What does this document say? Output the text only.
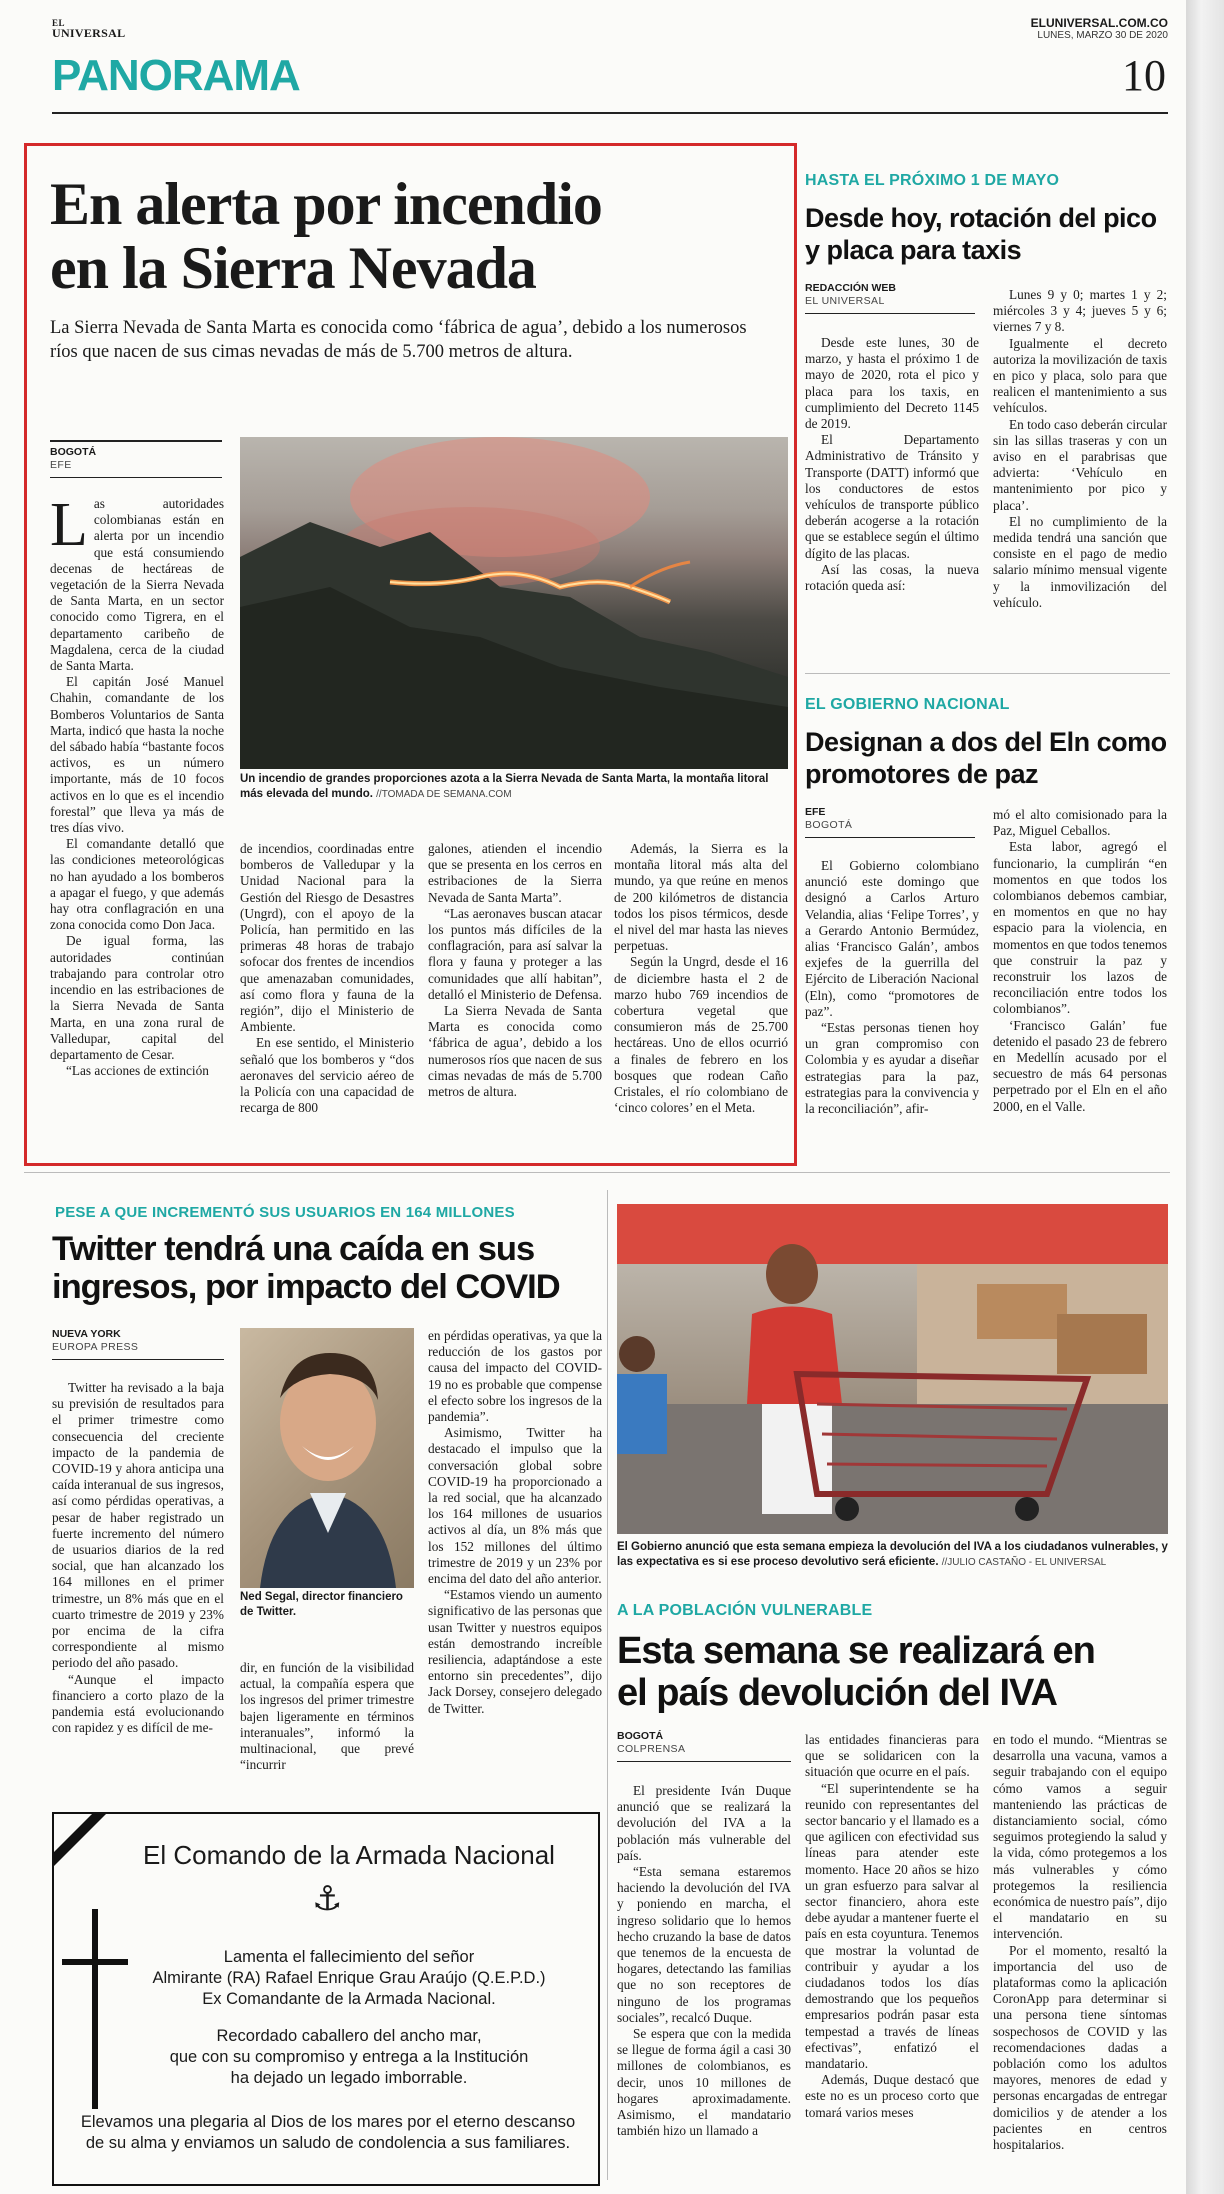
EL
UNIVERSAL
ELUNIVERSAL.COM.CO
LUNES, MARZO 30 DE 2020
PANORAMA	10
En alerta por incendio
en la Sierra Nevada
La Sierra Nevada de Santa Marta es conocida como ‘fábrica de agua’, debido a los numerosos ríos que nacen de sus cimas nevadas de más de 5.700 metros de altura.
BOGOTÁ
EFE
Un incendio de grandes proporciones azota a la Sierra Nevada de Santa Marta, la montaña litoral más elevada del mundo. //TOMADA DE SEMANA.COM

Las autoridades colombianas están en alerta por un incendio que está consumiendo decenas de hectáreas de vegetación de la Sierra Nevada de Santa Marta, en un sector conocido como Tigrera, en el departamento caribeño de Magdalena, cerca de la ciudad de Santa Marta.

El capitán José Manuel Chahin, comandante de los Bomberos Voluntarios de Santa Marta, indicó que hasta la noche del sábado había “bastante focos activos, es un número importante, más de 10 focos activos en lo que es el incendio forestal” que lleva ya más de tres días vivo.

El comandante detalló que las condiciones meteorológicas no han ayudado a los bomberos a apagar el fuego, y que además hay otra conflagración en una zona conocida como Don Jaca.

De igual forma, las autoridades continúan trabajando para controlar otro incendio en las estribaciones de la Sierra Nevada de Santa Marta, en una zona rural de Valledupar, capital del departamento de Cesar.

“Las acciones de extinción

de incendios, coordinadas entre bomberos de Valledupar y la Unidad Nacional para la Gestión del Riesgo de Desastres (Ungrd), con el apoyo de la Policía, han permitido en las primeras 48 horas de trabajo sofocar dos frentes de incendios que amenazaban comunidades, así como flora y fauna de la región”, dijo el Ministerio de Ambiente.

En ese sentido, el Ministerio señaló que los bomberos y “dos aeronaves del servicio aéreo de la Policía con una capacidad de recarga de 800

galones, atienden el incendio que se presenta en los cerros en estribaciones de la Sierra Nevada de Santa Marta”.

“Las aeronaves buscan atacar los puntos más difíciles de la conflagración, para así salvar la flora y fauna y proteger a las comunidades que allí habitan”, detalló el Ministerio de Defensa.

La Sierra Nevada de Santa Marta es conocida como ‘fábrica de agua’, debido a los numerosos ríos que nacen de sus cimas nevadas de más de 5.700 metros de altura.

Además, la Sierra es la montaña litoral más alta del mundo, ya que reúne en menos de 200 kilómetros de distancia todos los pisos térmicos, desde el nivel del mar hasta las nieves perpetuas.

Según la Ungrd, desde el 16 de diciembre hasta el 2 de marzo hubo 769 incendios de cobertura vegetal que consumieron más de 25.700 hectáreas. Uno de ellos ocurrió a finales de febrero en los bosques que rodean Caño Cristales, el río colombiano de ‘cinco colores’ en el Meta.

HASTA EL PRÓXIMO 1 DE MAYO
Desde hoy, rotación del pico y placa para taxis
REDACCIÓN WEB
EL UNIVERSAL

Desde este lunes, 30 de marzo, y hasta el próximo 1 de mayo de 2020, rota el pico y placa para los taxis, en cumplimiento del Decreto 1145 de 2019.

El Departamento Administrativo de Tránsito y Transporte (DATT) informó que los conductores de estos vehículos de transporte público deberán acogerse a la rotación que se establece según el último dígito de las placas.

Así las cosas, la nueva rotación queda así:

Lunes 9 y 0; martes 1 y 2; miércoles 3 y 4; jueves 5 y 6; viernes 7 y 8.

Igualmente el decreto autoriza la movilización de taxis en pico y placa, solo para que realicen el mantenimiento a sus vehículos.

En todo caso deberán circular sin las sillas traseras y con un aviso en el parabrisas que advierta: ‘Vehículo en mantenimiento por pico y placa’.

El no cumplimiento de la medida tendrá una sanción que consiste en el pago de medio salario mínimo mensual vigente y la inmovilización del vehículo.

EL GOBIERNO NACIONAL
Designan a dos del Eln como promotores de paz
EFE
BOGOTÁ

El Gobierno colombiano anunció este domingo que designó a Carlos Arturo Velandia, alias ‘Felipe Torres’, y a Gerardo Antonio Bermúdez, alias ‘Francisco Galán’, ambos exjefes de la guerrilla del Ejército de Liberación Nacional (Eln), como “promotores de paz”.

“Estas personas tienen hoy un gran compromiso con Colombia y es ayudar a diseñar estrategias para la paz, estrategias para la convivencia y la reconciliación”, afir-

mó el alto comisionado para la Paz, Miguel Ceballos.

Esta labor, agregó el funcionario, la cumplirán “en momentos en que todos los colombianos debemos cambiar, en momentos en que no hay espacio para la violencia, en momentos en que todos tenemos que construir la paz y reconstruir los lazos de reconciliación entre todos los colombianos”.

‘Francisco Galán’ fue detenido el pasado 23 de febrero en Medellín acusado por el secuestro de más 64 personas perpetrado por el Eln en el año 2000, en el Valle.

PESE A QUE INCREMENTÓ SUS USUARIOS EN 164 MILLONES
Twitter tendrá una caída en sus
ingresos, por impacto del COVID
NUEVA YORK
EUROPA PRESS

Twitter ha revisado a la baja su previsión de resultados para el primer trimestre como consecuencia del creciente impacto de la pandemia de COVID-19 y ahora anticipa una caída interanual de sus ingresos, así como pérdidas operativas, a pesar de haber registrado un fuerte incremento del número de usuarios diarios de la red social, que han alcanzado los 164 millones en el primer trimestre, un 8% más que en el cuarto trimestre de 2019 y 23% por encima de la cifra correspondiente al mismo periodo del año pasado.

“Aunque el impacto financiero a corto plazo de la pandemia está evolucionando con rapidez y es difícil de me-

Ned Segal, director financiero de Twitter.

dir, en función de la visibilidad actual, la compañía espera que los ingresos del primer trimestre bajen ligeramente en términos interanuales”, informó la multinacional, que prevé “incurrir

en pérdidas operativas, ya que la reducción de los gastos por causa del impacto del COVID-19 no es probable que compense el efecto sobre los ingresos de la pandemia”.

Asimismo, Twitter ha destacado el impulso que la conversación global sobre COVID-19 ha proporcionado a la red social, que ha alcanzado los 164 millones de usuarios activos al día, un 8% más que los 152 millones del último trimestre de 2019 y un 23% por encima del dato del año anterior.

“Estamos viendo un aumento significativo de las personas que usan Twitter y nuestros equipos están demostrando increíble resiliencia, adaptándose a este entorno sin precedentes”, dijo Jack Dorsey, consejero delegado de Twitter.

⚓
El Comando de la Armada Nacional
Lamenta el fallecimiento del señor
Almirante (RA) Rafael Enrique Grau Araújo (Q.E.P.D.)
Ex Comandante de la Armada Nacional.
Recordado caballero del ancho mar,
que con su compromiso y entrega a la Institución
ha dejado un legado imborrable.
Elevamos una plegaria al Dios de los mares por el eterno descanso
de su alma y enviamos un saludo de condolencia a sus familiares.
El Gobierno anunció que esta semana empieza la devolución del IVA a los ciudadanos vulnerables, y las expectativa es si ese proceso devolutivo será eficiente. //JULIO CASTAÑO - EL UNIVERSAL
A LA POBLACIÓN VULNERABLE
Esta semana se realizará en
el país devolución del IVA
BOGOTÁ
COLPRENSA

El presidente Iván Duque anunció que se realizará la devolución del IVA a la población más vulnerable del país.

“Esta semana estaremos haciendo la devolución del IVA y poniendo en marcha, el ingreso solidario que lo hemos hecho cruzando la base de datos que tenemos de la encuesta de hogares, detectando las familias que no son receptores de ninguno de los programas sociales”, recalcó Duque.

Se espera que con la medida se llegue de forma ágil a casi 30 millones de colombianos, es decir, unos 10 millones de hogares aproximadamente. Asimismo, el mandatario también hizo un llamado a

las entidades financieras para que se solidaricen con la situación que ocurre en el país.

“El superintendente se ha reunido con representantes del sector bancario y el llamado es a que agilicen con efectividad sus líneas para atender este momento. Hace 20 años se hizo un gran esfuerzo para salvar al sector financiero, ahora este debe ayudar a mantener fuerte el país en esta coyuntura. Tenemos que mostrar la voluntad de contribuir y ayudar a los ciudadanos todos los días demostrando que los pequeños empresarios podrán pasar esta tempestad a través de líneas efectivas”, enfatizó el mandatario.

Además, Duque destacó que este no es un proceso corto que tomará varios meses

en todo el mundo. “Mientras se desarrolla una vacuna, vamos a seguir trabajando con el equipo cómo vamos a seguir manteniendo las prácticas de distanciamiento social, cómo seguimos protegiendo la salud y la vida, cómo protegemos a los más vulnerables y cómo protegemos la resiliencia económica de nuestro país”, dijo el mandatario en su intervención.

Por el momento, resaltó la importancia del uso de plataformas como la aplicación CoronApp para determinar si una persona tiene síntomas sospechosos de COVID y las recomendaciones dadas a población como los adultos mayores, menores de edad y personas encargadas de entregar domicilios y de atender a los pacientes en centros hospitalarios.
